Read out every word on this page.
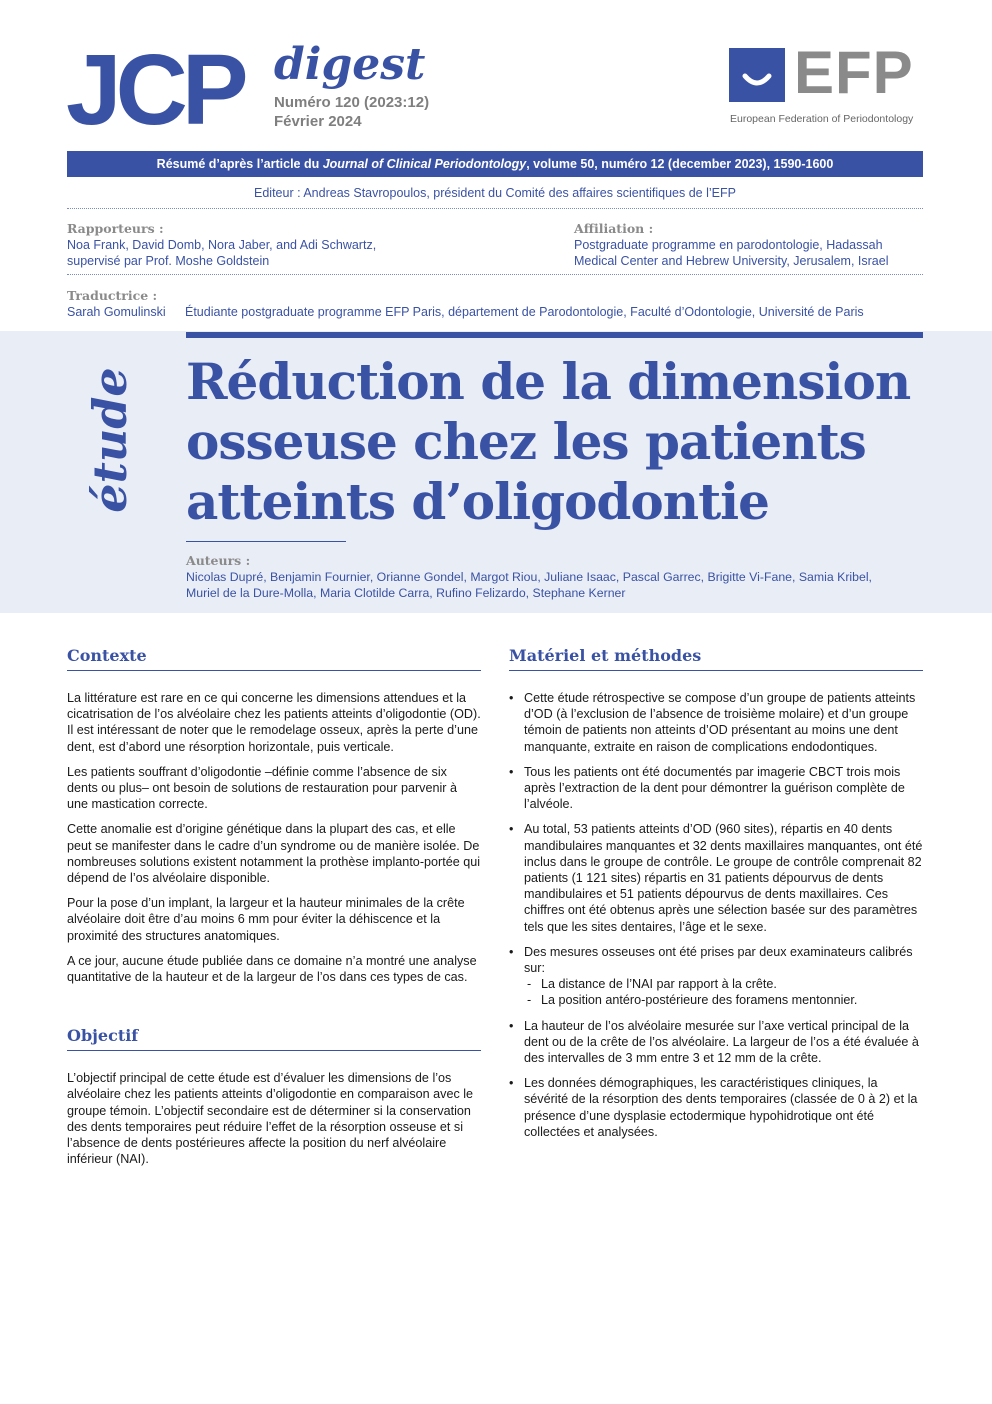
JCP digest
Numéro 120 (2023:12)
Février 2024
EFP
European Federation of Periodontology
Résumé d’après l’article du Journal of Clinical Periodontology, volume 50, numéro 12 (december 2023), 1590-1600
Editeur : Andreas Stavropoulos, président du Comité des affaires scientifiques de l’EFP
Rapporteurs :
Noa Frank, David Domb, Nora Jaber, and Adi Schwartz,
supervisé par Prof. Moshe Goldstein
Affiliation :
Postgraduate programme en parodontologie, Hadassah
Medical Center and Hebrew University, Jerusalem, Israel
Traductrice :
Sarah Gomulinski Étudiante postgraduate programme EFP Paris, département de Parodontologie, Faculté d’Odontologie, Université de Paris
étude Réduction de la dimension
osseuse chez les patients
atteints d’oligodontie
Auteurs :
Nicolas Dupré, Benjamin Fournier, Orianne Gondel, Margot Riou, Juliane Isaac, Pascal Garrec, Brigitte Vi-Fane, Samia Kribel,
Muriel de la Dure-Molla, Maria Clotilde Carra, Rufino Felizardo, Stephane Kerner
Contexte

La littérature est rare en ce qui concerne les dimensions attendues et la cicatrisation de l’os alvéolaire chez les patients atteints d’oligodontie (OD). Il est intéressant de noter que le remodelage osseux, après la perte d’une dent, est d’abord une résorption horizontale, puis verticale.

Les patients souffrant d’oligodontie –définie comme l’absence de six dents ou plus– ont besoin de solutions de restauration pour parvenir à une mastication correcte.

Cette anomalie est d’origine génétique dans la plupart des cas, et elle peut se manifester dans le cadre d’un syndrome ou de manière isolée. De nombreuses solutions existent notamment la prothèse implanto-portée qui dépend de l’os alvéolaire disponible.

Pour la pose d’un implant, la largeur et la hauteur minimales de la crête alvéolaire doit être d’au moins 6 mm pour éviter la déhiscence et la proximité des structures anatomiques.

A ce jour, aucune étude publiée dans ce domaine n’a montré une analyse quantitative de la hauteur et de la largeur de l’os dans ces types de cas.

Objectif

L’objectif principal de cette étude est d’évaluer les dimensions de l’os alvéolaire chez les patients atteints d’oligodontie en comparaison avec le groupe témoin. L’objectif secondaire est de déterminer si la conservation des dents temporaires peut réduire l’effet de la résorption osseuse et si l’absence de dents postérieures affecte la position du nerf alvéolaire inférieur (NAI).

Matériel et méthodes
• Cette étude rétrospective se compose d’un groupe de patients atteints d’OD (à l’exclusion de l’absence de troisième molaire) et d’un groupe témoin de patients non atteints d’OD présentant au moins une dent manquante, extraite en raison de complications endodontiques.
• Tous les patients ont été documentés par imagerie CBCT trois mois après l’extraction de la dent pour démontrer la guérison complète de l’alvéole.
• Au total, 53 patients atteints d’OD (960 sites), répartis en 40 dents mandibulaires manquantes et 32 dents maxillaires manquantes, ont été inclus dans le groupe de contrôle. Le groupe de contrôle comprenait 82 patients (1 121 sites) répartis en 31 patients dépourvus de dents mandibulaires et 51 patients dépourvus de dents maxillaires. Ces chiffres ont été obtenus après une sélection basée sur des paramètres tels que les sites dentaires, l’âge et le sexe.
• Des mesures osseuses ont été prises par deux examinateurs calibrés sur:
- La distance de l’NAI par rapport à la crête.
- La position antéro-postérieure des foramens mentonnier.
• La hauteur de l’os alvéolaire mesurée sur l’axe vertical principal de la dent ou de la crête de l’os alvéolaire. La largeur de l’os a été évaluée à des intervalles de 3 mm entre 3 et 12 mm de la crête.
• Les données démographiques, les caractéristiques cliniques, la sévérité de la résorption des dents temporaires (classée de 0 à 2) et la présence d’une dysplasie ectodermique hypohidrotique ont été collectées et analysées.
